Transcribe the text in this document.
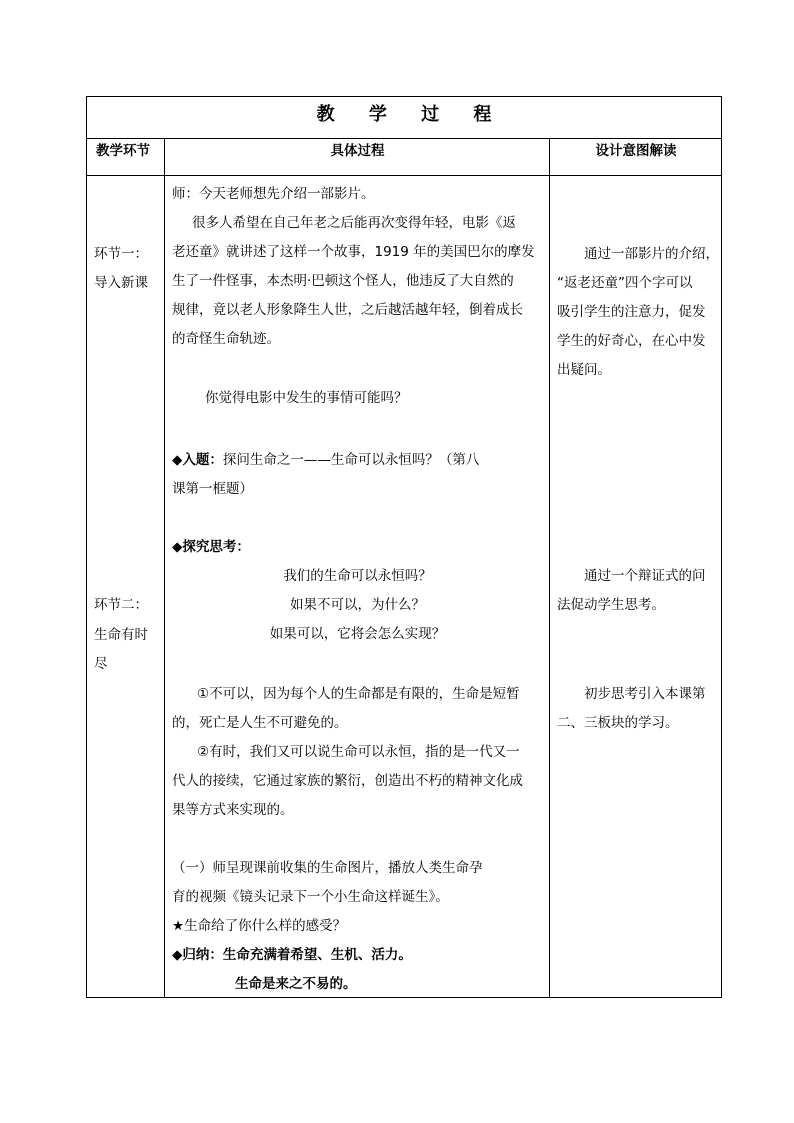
教 学 过 程
教学环节	具体过程	设计意图解读
环节一：
导入新课
环节二：
生命有时
尽
师：今天老师想先介绍一部影片。
很多人希望在自己年老之后能再次变得年轻，电影《返
老还童》就讲述了这样一个故事，1919 年的美国巴尔的摩发
生了一件怪事，本杰明·巴顿这个怪人，他违反了大自然的
规律，竟以老人形象降生人世，之后越活越年轻，倒着成长
的奇怪生命轨迹。
你觉得电影中发生的事情可能吗？
◆入题：探问生命之一——生命可以永恒吗？（第八
课第一框题）
◆探究思考：
我们的生命可以永恒吗？
如果不可以，为什么？
如果可以，它将会怎么实现？
①不可以，因为每个人的生命都是有限的，生命是短暂
的，死亡是人生不可避免的。
②有时，我们又可以说生命可以永恒，指的是一代又一
代人的接续，它通过家族的繁衍，创造出不朽的精神文化成
果等方式来实现的。
（一）师呈现课前收集的生命图片，播放人类生命孕
育的视频《镜头记录下一个小生命这样诞生》。
★生命给了你什么样的感受？
◆归纳：生命充满着希望、生机、活力。
生命是来之不易的。
通过一部影片的介绍，
“返老还童”四个字可以
吸引学生的注意力，促发
学生的好奇心，在心中发
出疑问。
通过一个辩证式的问
法促动学生思考。
初步思考引入本课第
二、三板块的学习。
